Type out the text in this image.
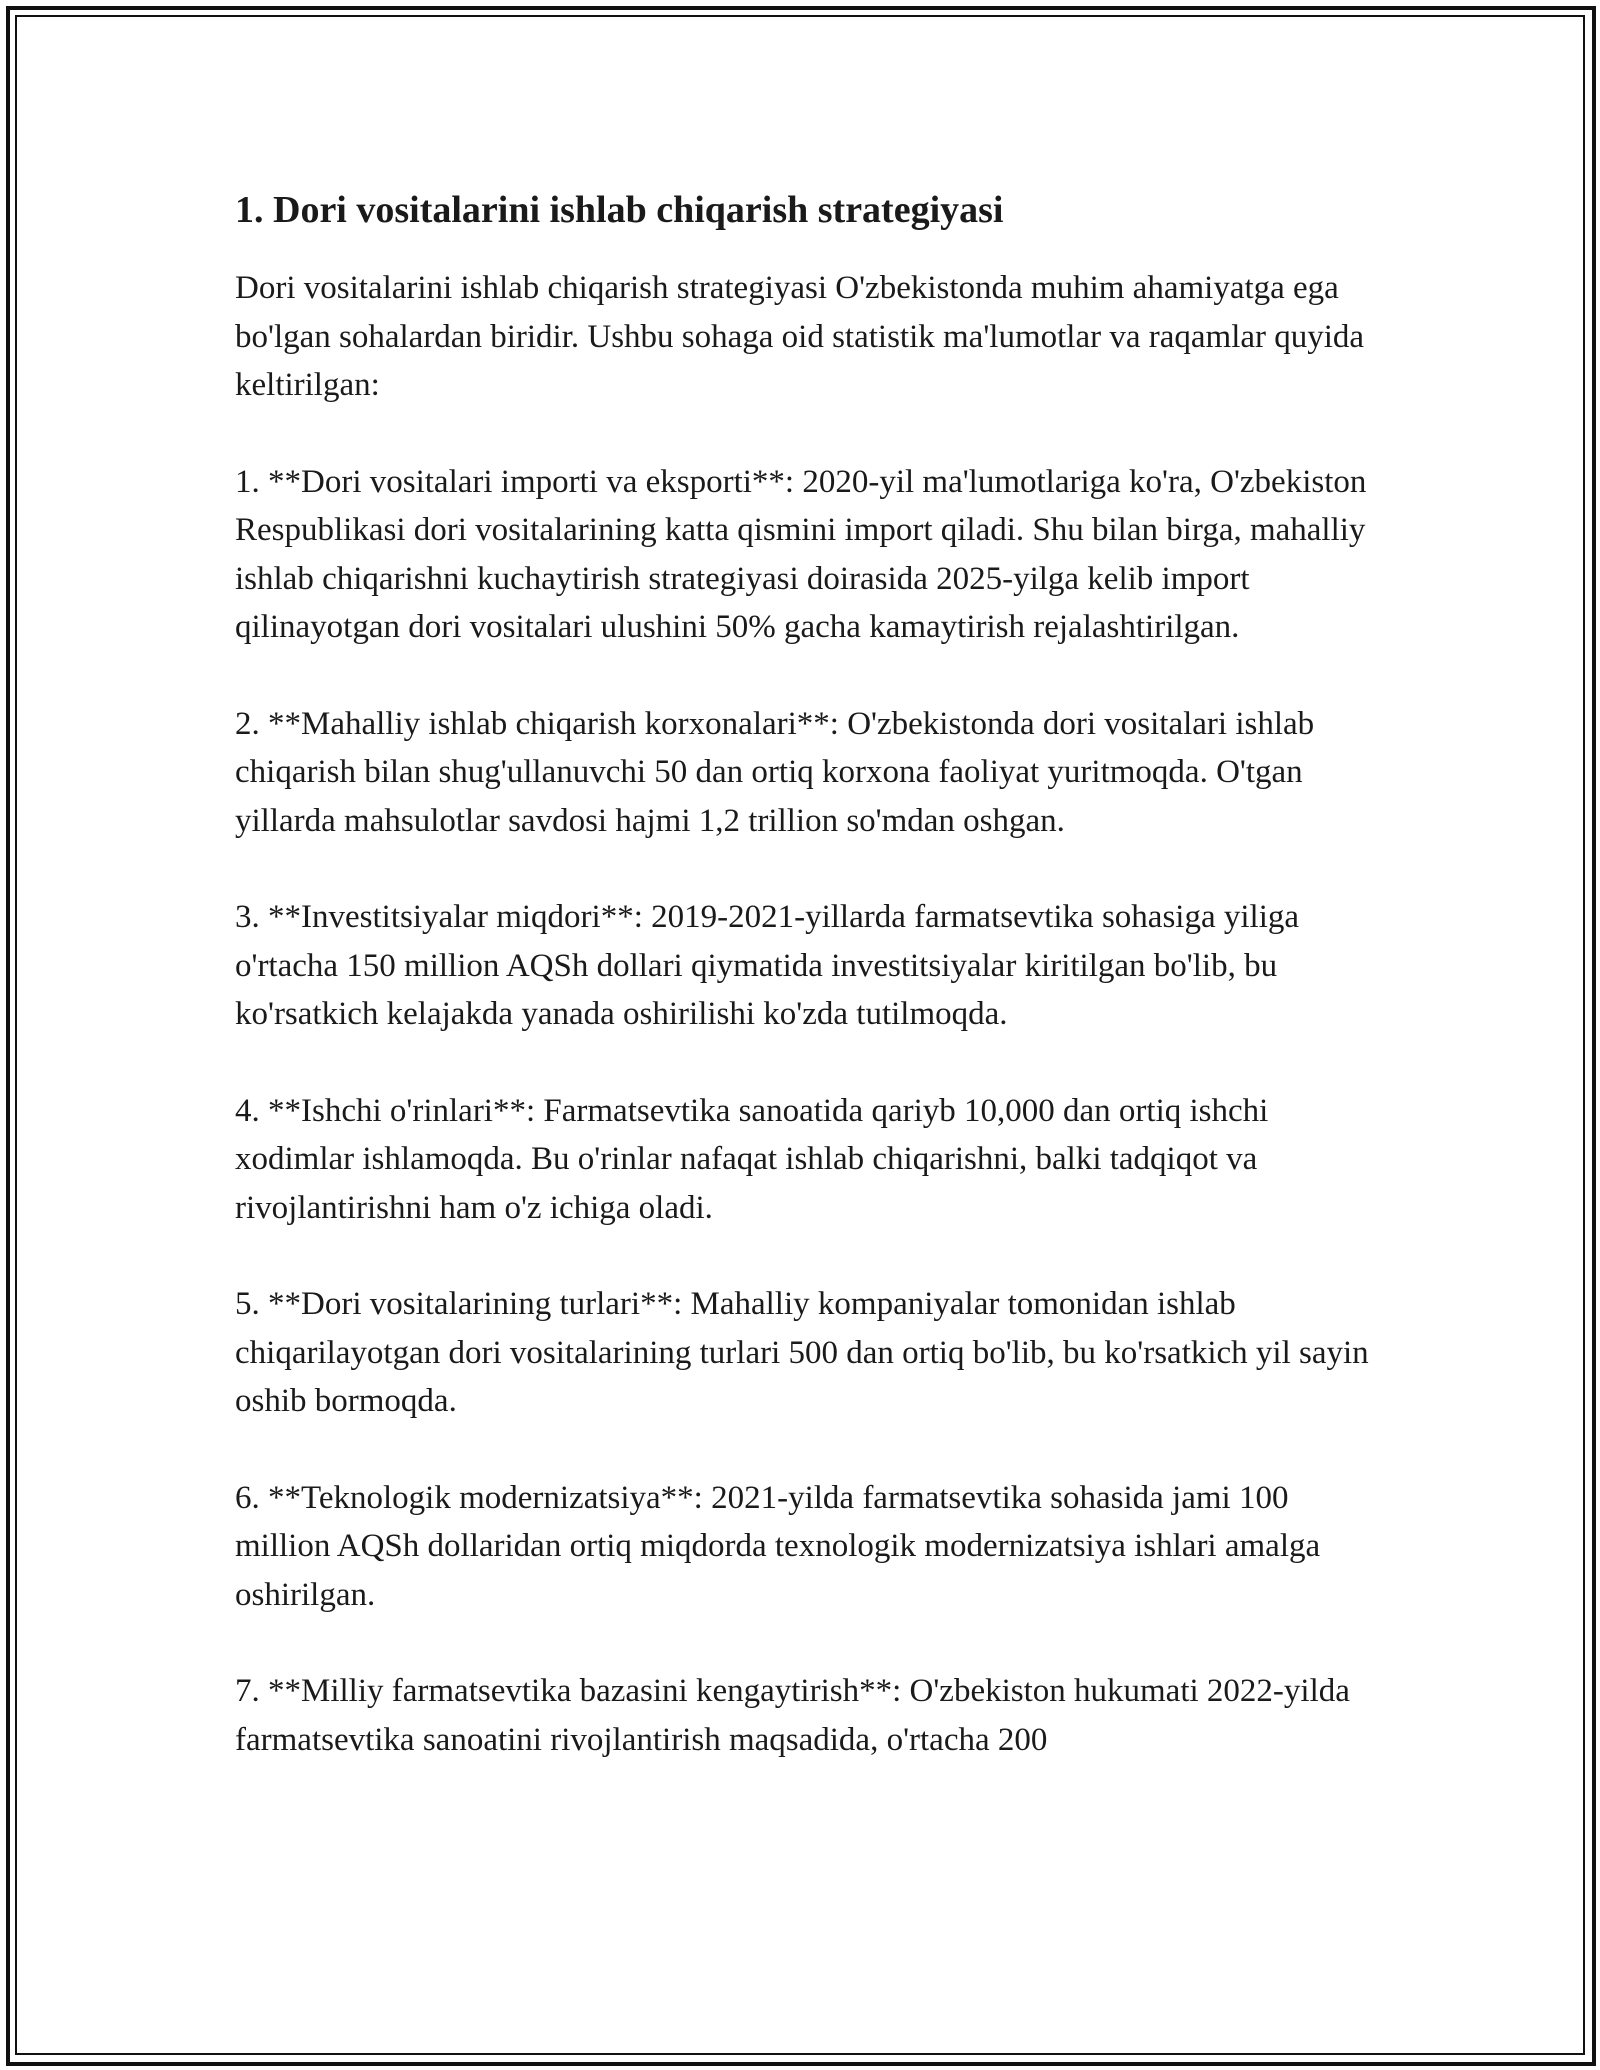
1. Dori vositalarini ishlab chiqarish strategiyasi

Dori vositalarini ishlab chiqarish strategiyasi O'zbekistonda muhim ahamiyatga ega bo'lgan sohalardan biridir. Ushbu sohaga oid statistik ma'lumotlar va raqamlar quyida keltirilgan:

1. **Dori vositalari importi va eksporti**: 2020-yil ma'lumotlariga ko'ra, O'zbekiston Respublikasi dori vositalarining katta qismini import qiladi. Shu bilan birga, mahalliy ishlab chiqarishni kuchaytirish strategiyasi doirasida 2025-yilga kelib import qilinayotgan dori vositalari ulushini 50% gacha kamaytirish rejalashtirilgan.

2. **Mahalliy ishlab chiqarish korxonalari**: O'zbekistonda dori vositalari ishlab chiqarish bilan shug'ullanuvchi 50 dan ortiq korxona faoliyat yuritmoqda. O'tgan yillarda mahsulotlar savdosi hajmi 1,2 trillion so'mdan oshgan.

3. **Investitsiyalar miqdori**: 2019-2021-yillarda farmatsevtika sohasiga yiliga o'rtacha 150 million AQSh dollari qiymatida investitsiyalar kiritilgan bo'lib, bu ko'rsatkich kelajakda yanada oshirilishi ko'zda tutilmoqda.

4. **Ishchi o'rinlari**: Farmatsevtika sanoatida qariyb 10,000 dan ortiq ishchi xodimlar ishlamoqda. Bu o'rinlar nafaqat ishlab chiqarishni, balki tadqiqot va rivojlantirishni ham o'z ichiga oladi.

5. **Dori vositalarining turlari**: Mahalliy kompaniyalar tomonidan ishlab chiqarilayotgan dori vositalarining turlari 500 dan ortiq bo'lib, bu ko'rsatkich yil sayin oshib bormoqda.

6. **Teknologik modernizatsiya**: 2021-yilda farmatsevtika sohasida jami 100 million AQSh dollaridan ortiq miqdorda texnologik modernizatsiya ishlari amalga oshirilgan.

7. **Milliy farmatsevtika bazasini kengaytirish**: O'zbekiston hukumati 2022-yilda farmatsevtika sanoatini rivojlantirish maqsadida, o'rtacha 200
